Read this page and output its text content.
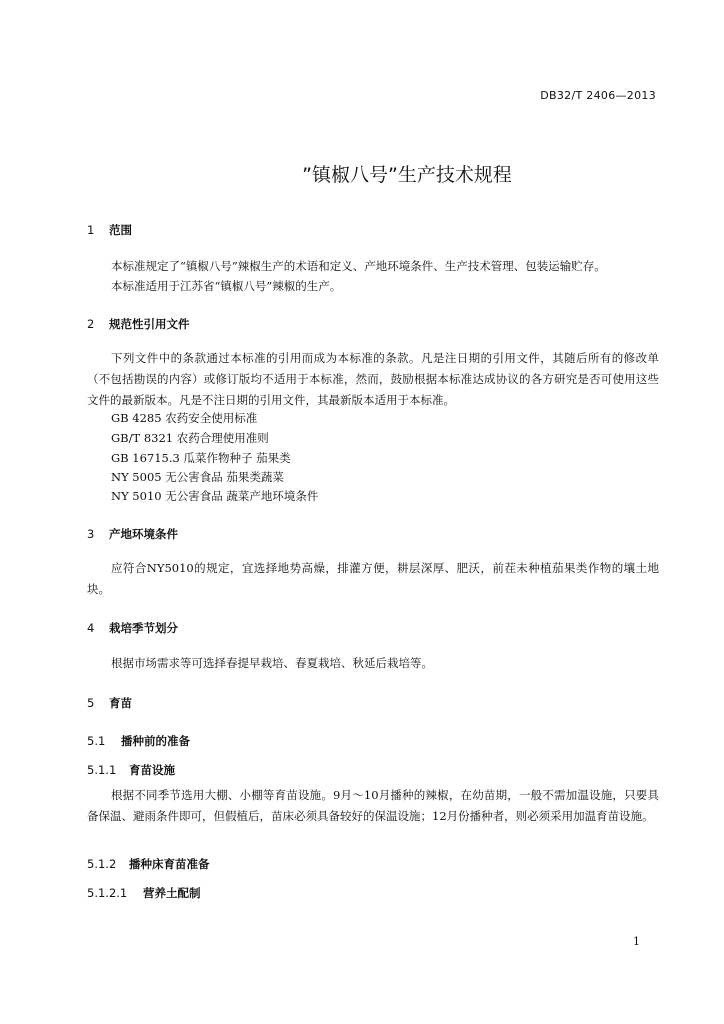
DB32/T 2406—2013
”镇椒八号”生产技术规程
1 范围
本标准规定了“镇椒八号”辣椒生产的术语和定义、产地环境条件、生产技术管理、包装运输贮存。
本标准适用于江苏省“镇椒八号”辣椒的生产。
2 规范性引用文件
下列文件中的条款通过本标准的引用而成为本标准的条款。凡是注日期的引用文件，其随后所有的修改单（不包括勘误的内容）或修订版均不适用于本标准，然而，鼓励根据本标准达成协议的各方研究是否可使用这些文件的最新版本。凡是不注日期的引用文件，其最新版本适用于本标准。
GB 4285 农药安全使用标准
GB/T 8321 农药合理使用准则
GB 16715.3 瓜菜作物种子 茄果类
NY 5005 无公害食品 茄果类蔬菜
NY 5010 无公害食品 蔬菜产地环境条件
3 产地环境条件
应符合NY5010的规定，宜选择地势高燥，排灌方便，耕层深厚、肥沃，前茬未种植茄果类作物的壤土地块。
4 栽培季节划分
根据市场需求等可选择春提早栽培、春夏栽培、秋延后栽培等。
5 育苗
5.1 播种前的准备
5.1.1 育苗设施
根据不同季节选用大棚、小棚等育苗设施。9月～10月播种的辣椒，在幼苗期，一般不需加温设施，只要具备保温、避雨条件即可，但假植后，苗床必须具备较好的保温设施；12月份播种者，则必须采用加温育苗设施。
5.1.2 播种床育苗准备
5.1.2.1 营养土配制
1
